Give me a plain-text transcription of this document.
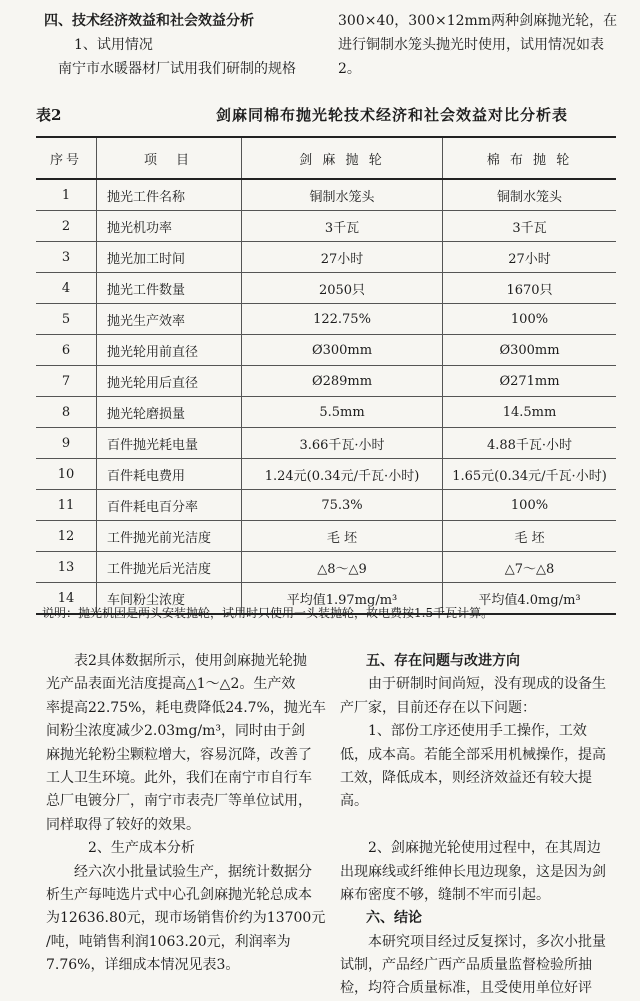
四、技术经济效益和社会效益分析
1、试用情况
南宁市水暖器材厂试用我们研制的规格
300×40，300×12mm两种剑麻抛光轮，在
进行铜制水笼头抛光时使用，试用情况如表
2。
表2	剑麻同棉布抛光轮技术经济和社会效益对比分析表
序号	项　目	剑 麻 抛 轮	棉 布 抛 轮
1	抛光工件名称	铜制水笼头	铜制水笼头
2	抛光机功率	3千瓦	3千瓦
3	抛光加工时间	27小时	27小时
4	抛光工件数量	2050只	1670只
5	抛光生产效率	122.75%	100%
6	抛光轮用前直径	Ø300mm	Ø300mm
7	抛光轮用后直径	Ø289mm	Ø271mm
8	抛光轮磨损量	5.5mm	14.5mm
9	百件抛光耗电量	3.66千瓦·小时	4.88千瓦·小时
10	百件耗电费用	1.24元(0.34元/千瓦·小时)	1.65元(0.34元/千瓦·小时)
11	百件耗电百分率	75.3%	100%
12	工件抛光前光洁度	毛 坯	毛 坯
13	工件抛光后光洁度	△8～△9	△7～△8
14	车间粉尘浓度	平均值1.97mg/m³	平均值4.0mg/m³
说明：抛光机因是两头安装抛轮，试用时只使用一头装抛轮，故电费按1.5千瓦计算。
表2具体数据所示，使用剑麻抛光轮抛
光产品表面光洁度提高△1～△2。生产效
率提高22.75%，耗电费降低24.7%，抛光车
间粉尘浓度减少2.03mg/m³，同时由于剑
麻抛光轮粉尘颗粒增大，容易沉降，改善了
工人卫生环境。此外，我们在南宁市自行车
总厂电镀分厂，南宁市表壳厂等单位试用，
同样取得了较好的效果。
2、生产成本分析
经六次小批量试验生产，据统计数据分
析生产每吨选片式中心孔剑麻抛光轮总成本
为12636.80元，现市场销售价约为13700元
/吨，吨销售利润1063.20元，利润率为
7.76%，详细成本情况见表3。
五、存在问题与改进方向
由于研制时间尚短，没有现成的设备生
产厂家，目前还存在以下问题：
1、部份工序还使用手工操作，工效
低，成本高。若能全部采用机械操作，提高
工效，降低成本，则经济效益还有较大提
高。
2、剑麻抛光轮使用过程中，在其周边
出现麻线或纤维伸长甩边现象，这是因为剑
麻布密度不够，缝制不牢而引起。
六、结论
本研究项目经过反复探讨，多次小批量
试制，产品经广西产品质量监督检验所抽
检，均符合质量标准，且受使用单位好评
